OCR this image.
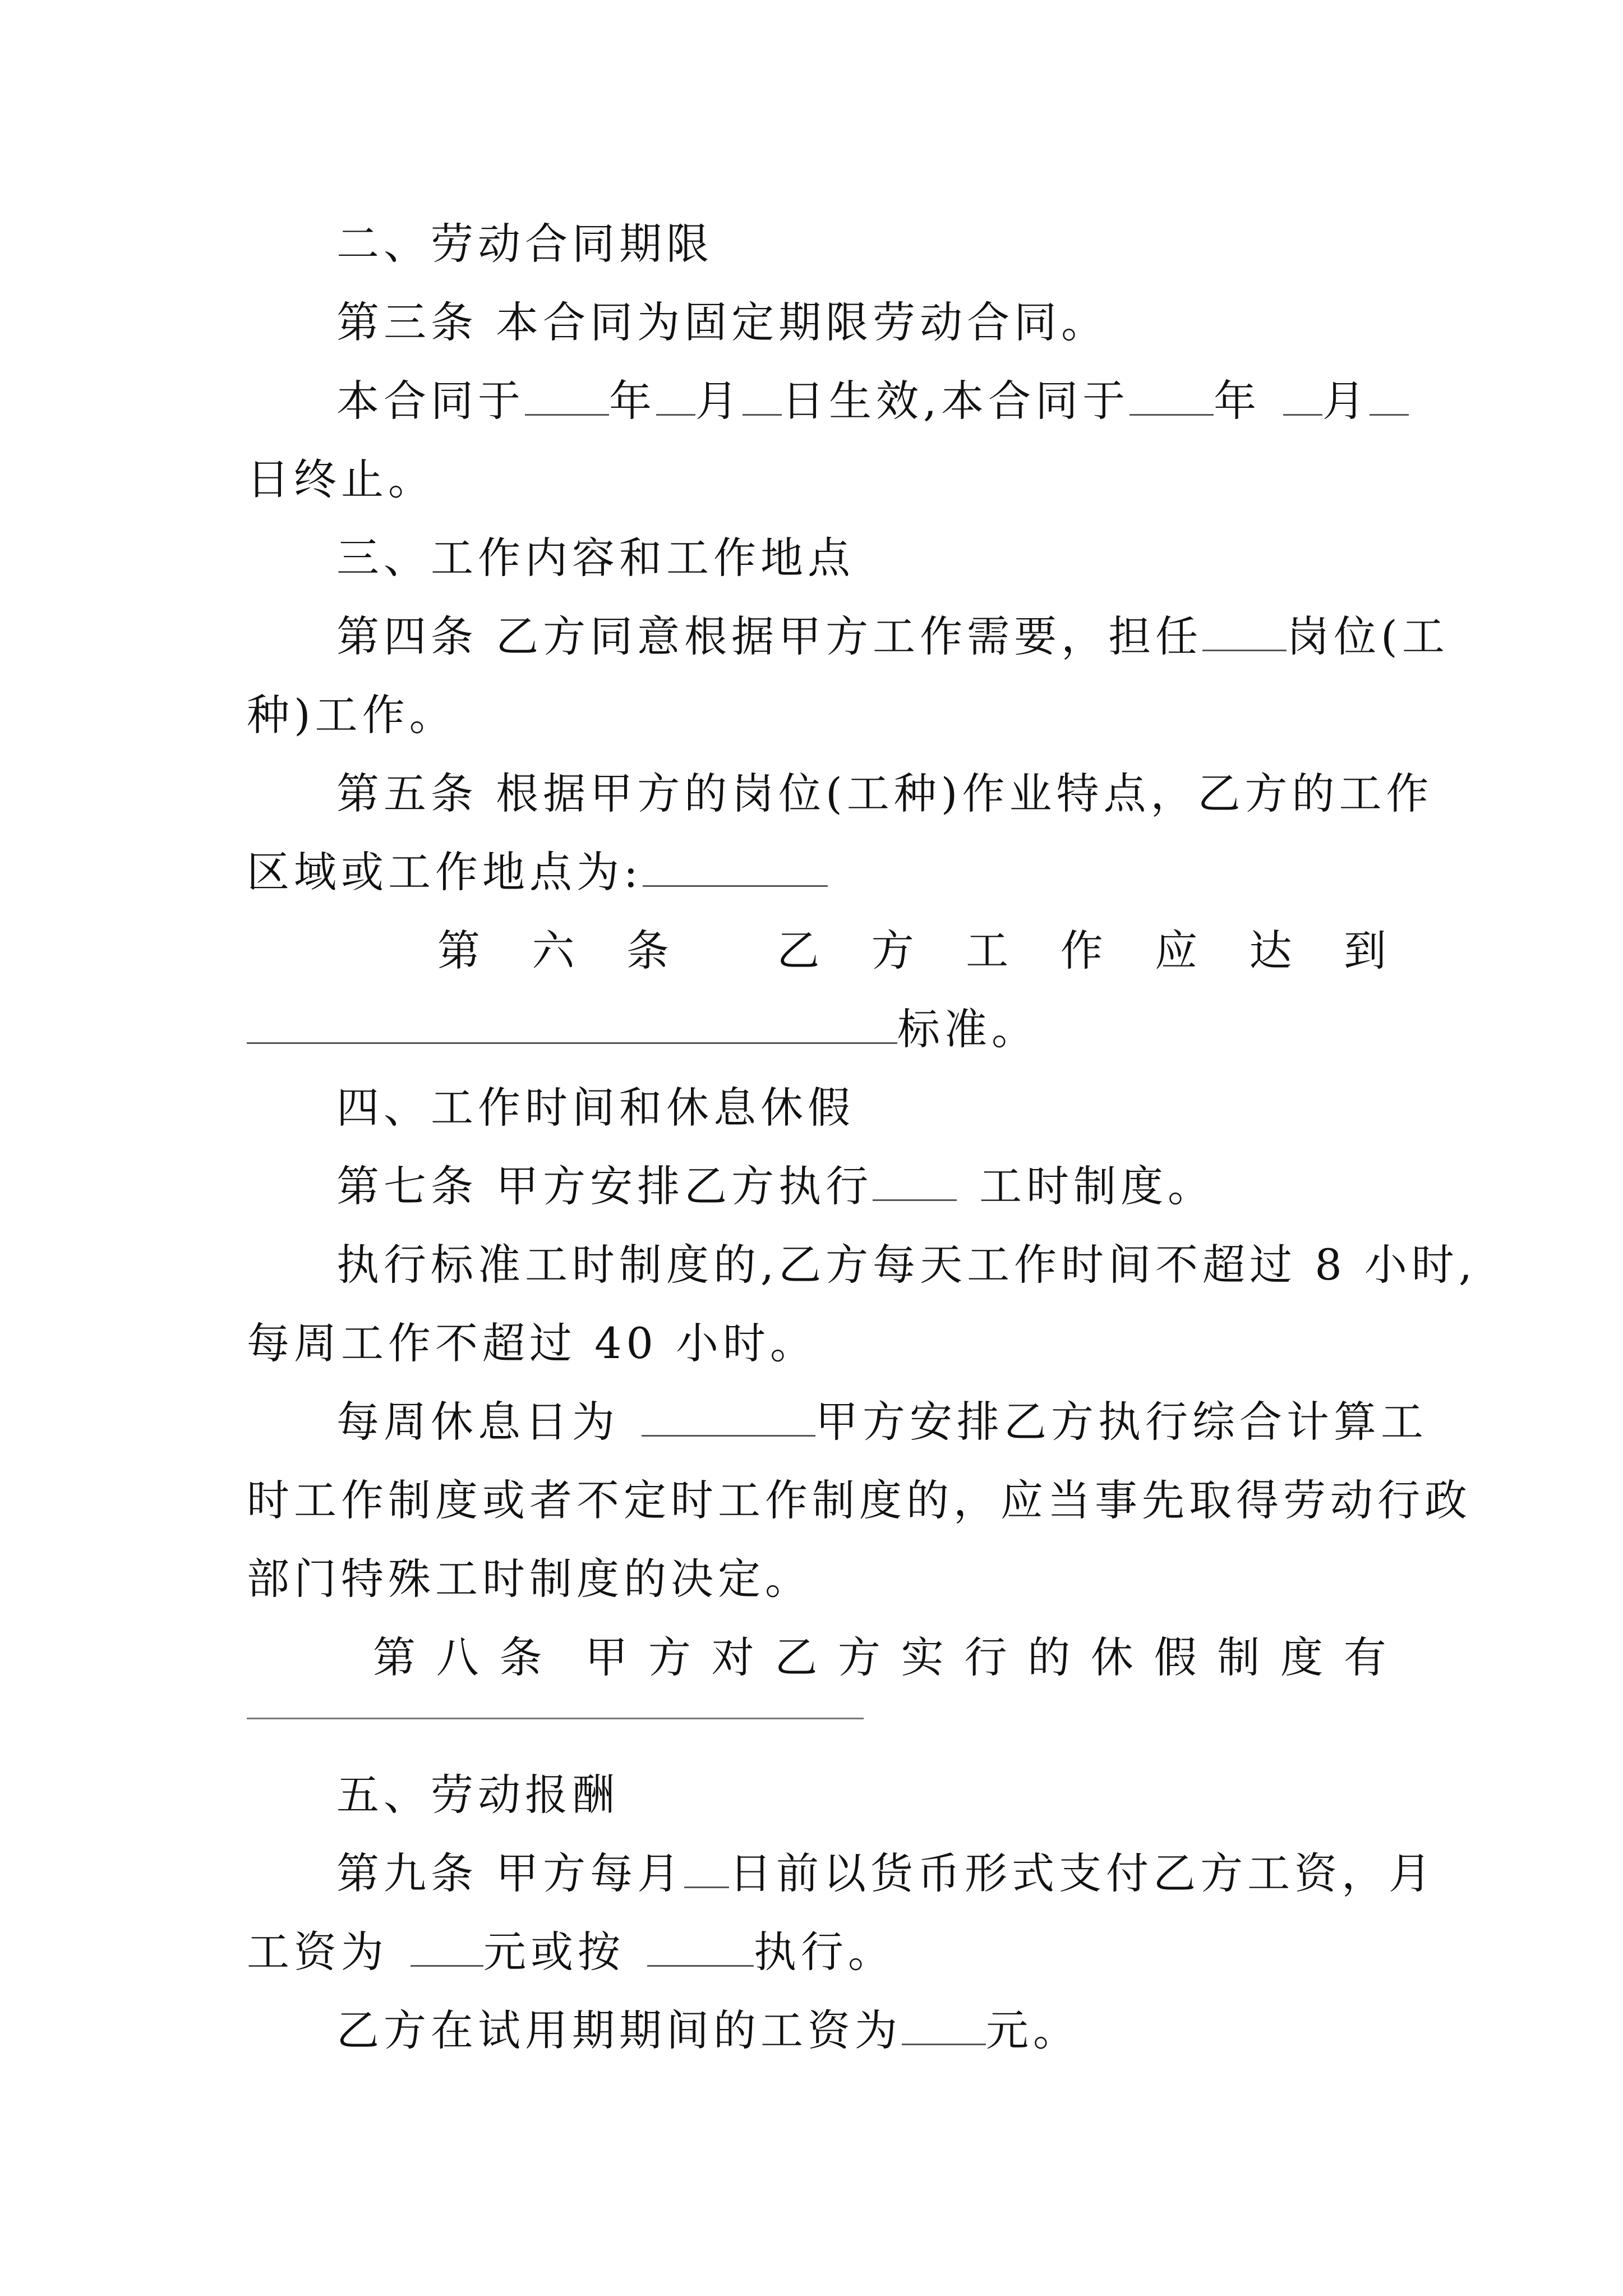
二、劳动合同期限
第三条 本合同为固定期限劳动合同。
本合同于 年 月 日生效,本合同于 年 月
日终止。
三、工作内容和工作地点
第四条 乙方同意根据甲方工作需要，担任 岗位(工
种)工作。
第五条 根据甲方的岗位(工种)作业特点，乙方的工作
区域或工作地点为:
第 六 条 乙 方 工 作 应 达 到
标准。
四、工作时间和休息休假
第七条 甲方安排乙方执行	工时制度。
执行标准工时制度的,乙方每天工作时间不超过 8 小时,
每周工作不超过 40 小时。
每周休息日为	甲方安排乙方执行综合计算工
时工作制度或者不定时工作制度的，应当事先取得劳动行政
部门特殊工时制度的决定。
第 八 条 甲 方 对 乙 方 实 行 的 休 假 制 度 有
五、劳动报酬
第九条 甲方每月 日前以货币形式支付乙方工资，月
工资为 元或按	执行。
乙方在试用期期间的工资为 元。
